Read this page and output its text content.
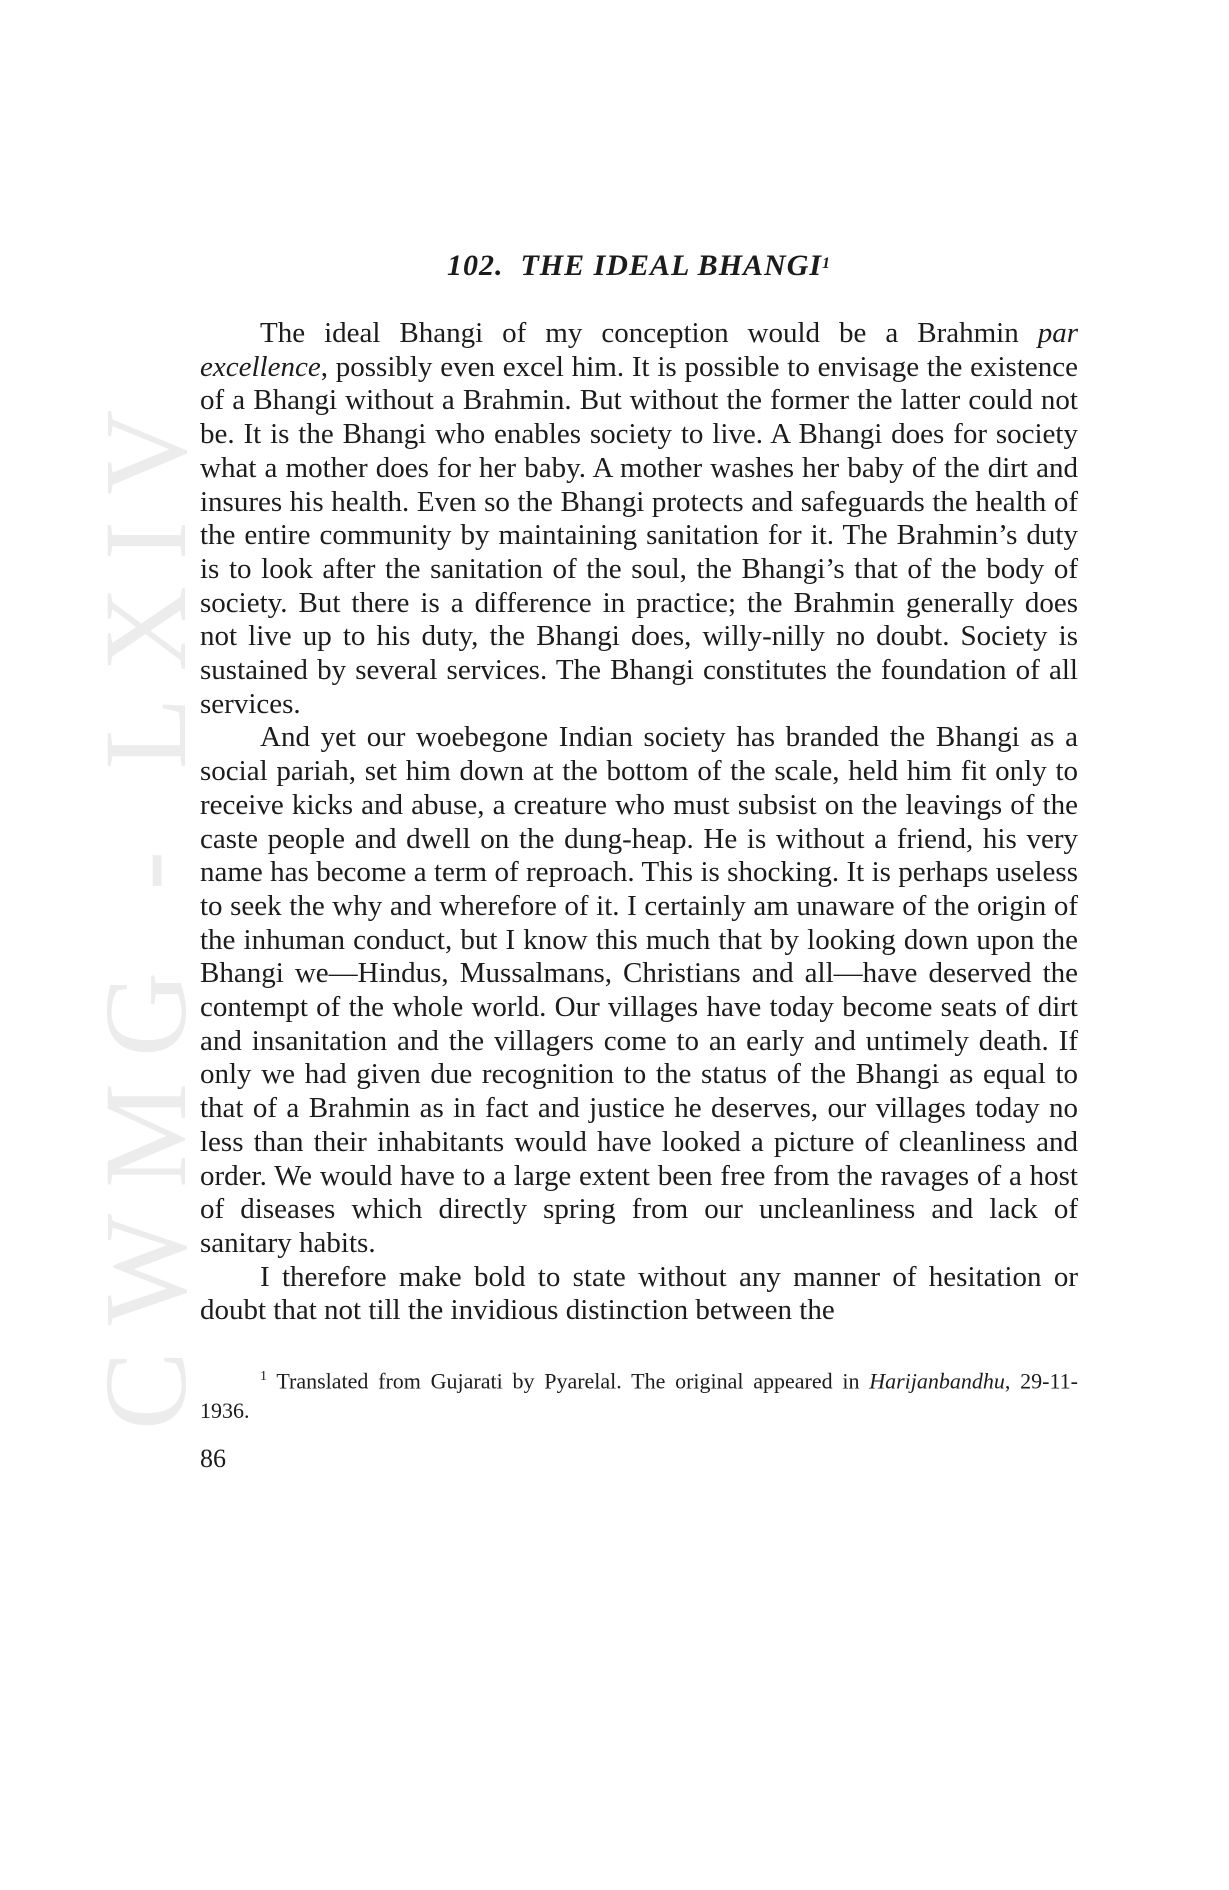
CWMG - LXIV
102. THE IDEAL BHANGI$^1$

The ideal Bhangi of my conception would be a Brahmin par excellence, possibly even excel him. It is possible to envisage the existence of a Bhangi without a Brahmin. But without the former the latter could not be. It is the Bhangi who enables society to live. A Bhangi does for society what a mother does for her baby. A mother washes her baby of the dirt and insures his health. Even so the Bhangi protects and safeguards the health of the entire community by maintaining sanitation for it. The Brahmin’s duty is to look after the sanitation of the soul, the Bhangi’s that of the body of society. But there is a difference in practice; the Brahmin generally does not live up to his duty, the Bhangi does, willy-nilly no doubt. Society is sustained by several services. The Bhangi constitutes the foundation of all services.

And yet our woebegone Indian society has branded the Bhangi as a social pariah, set him down at the bottom of the scale, held him fit only to receive kicks and abuse, a creature who must subsist on the leavings of the caste people and dwell on the dung-heap. He is without a friend, his very name has become a term of reproach. This is shocking. It is perhaps useless to seek the why and wherefore of it. I certainly am unaware of the origin of the inhuman conduct, but I know this much that by looking down upon the Bhangi we—Hindus, Mussalmans, Christians and all—have deserved the contempt of the whole world. Our villages have today become seats of dirt and insanitation and the villagers come to an early and untimely death. If only we had given due recognition to the status of the Bhangi as equal to that of a Brahmin as in fact and justice he deserves, our villages today no less than their inhabitants would have looked a picture of cleanliness and order. We would have to a large extent been free from the ravages of a host of diseases which directly spring from our uncleanliness and lack of sanitary habits.

I therefore make bold to state without any manner of hesitation or doubt that not till the invidious distinction between the

$^1$ Translated from Gujarati by Pyarelal. The original appeared in Harijanbandhu, 29-11-1936.
86
